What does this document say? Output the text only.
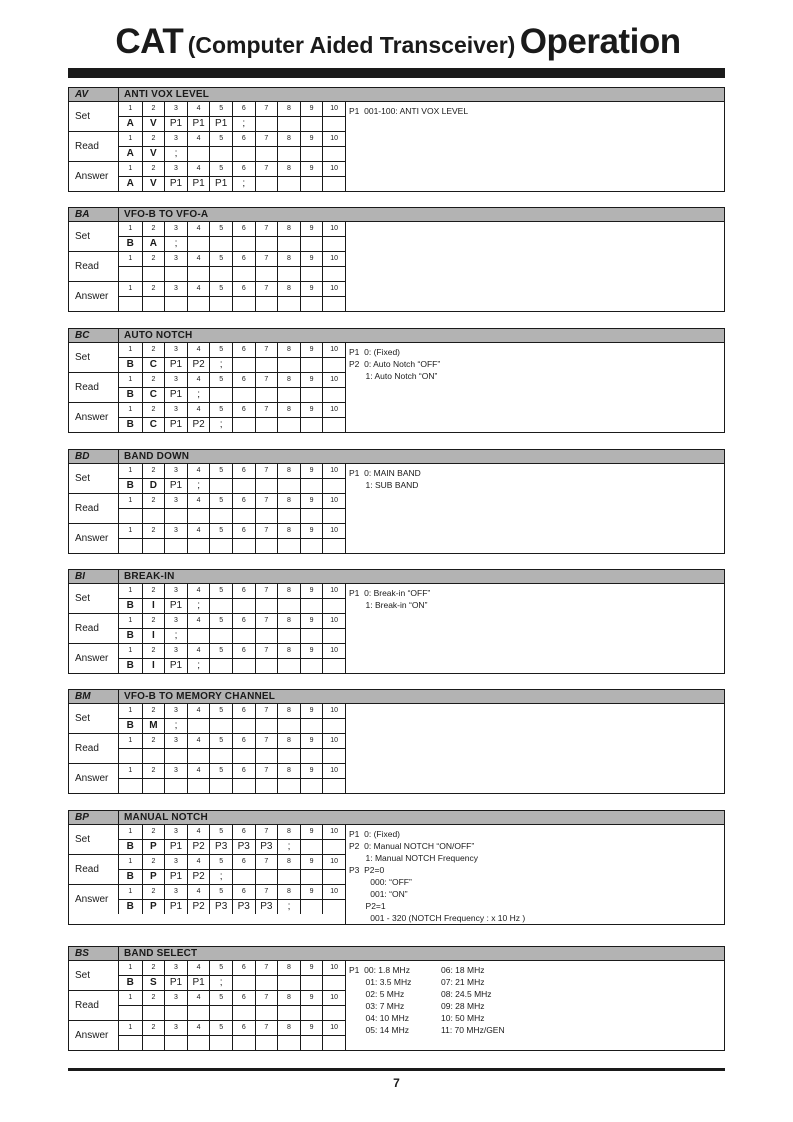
CAT (Computer Aided Transceiver) Operation
AV	ANTI VOX LEVEL
Set
1	2	3	4	5	6	7	8	9	10
A	V	P1	P1	P1	;
Read
1	2	3	4	5	6	7	8	9	10
A	V	;
Answer
1	2	3	4	5	6	7	8	9	10
A	V	P1	P1	P1	;
P1  001-100: ANTI VOX LEVEL
BA	VFO-B TO VFO-A
Set
1	2	3	4	5	6	7	8	9	10
B	A	;
Read
1	2	3	4	5	6	7	8	9	10
Answer
1	2	3	4	5	6	7	8	9	10
BC	AUTO NOTCH
Set
1	2	3	4	5	6	7	8	9	10
B	C	P1	P2	;
Read
1	2	3	4	5	6	7	8	9	10
B	C	P1	;
Answer
1	2	3	4	5	6	7	8	9	10
B	C	P1	P2	;
P1  0: (Fixed)
P2  0: Auto Notch “OFF”
1: Auto Notch “ON”
BD	BAND DOWN
Set
1	2	3	4	5	6	7	8	9	10
B	D	P1	;
Read
1	2	3	4	5	6	7	8	9	10
Answer
1	2	3	4	5	6	7	8	9	10
P1  0: MAIN BAND
1: SUB BAND
BI	BREAK-IN
Set
1	2	3	4	5	6	7	8	9	10
B	I	P1	;
Read
1	2	3	4	5	6	7	8	9	10
B	I	;
Answer
1	2	3	4	5	6	7	8	9	10
B	I	P1	;
P1  0: Break-in “OFF”
1: Break-in “ON”
BM	VFO-B TO MEMORY CHANNEL
Set
1	2	3	4	5	6	7	8	9	10
B	M	;
Read
1	2	3	4	5	6	7	8	9	10
Answer
1	2	3	4	5	6	7	8	9	10
BP	MANUAL NOTCH
Set
1	2	3	4	5	6	7	8	9	10
B	P	P1	P2	P3	P3	P3	;
Read
1	2	3	4	5	6	7	8	9	10
B	P	P1	P2	;
Answer
1	2	3	4	5	6	7	8	9	10
B	P	P1	P2	P3	P3	P3	;
P1  0: (Fixed)
P2  0: Manual NOTCH “ON/OFF”
1: Manual NOTCH Frequency
P3  P2=0
000: “OFF”
001: “ON”
P2=1
001 - 320 (NOTCH Frequency : x 10 Hz )
BS	BAND SELECT
Set
1	2	3	4	5	6	7	8	9	10
B	S	P1	P1	;
Read
1	2	3	4	5	6	7	8	9	10
Answer
1	2	3	4	5	6	7	8	9	10
P1  00: 1.8 MHz
01: 3.5 MHz
02: 5 MHz
03: 7 MHz
04: 10 MHz
05: 14 MHz
06: 18 MHz
07: 21 MHz
08: 24.5 MHz
09: 28 MHz
10: 50 MHz
11: 70 MHz/GEN
7
